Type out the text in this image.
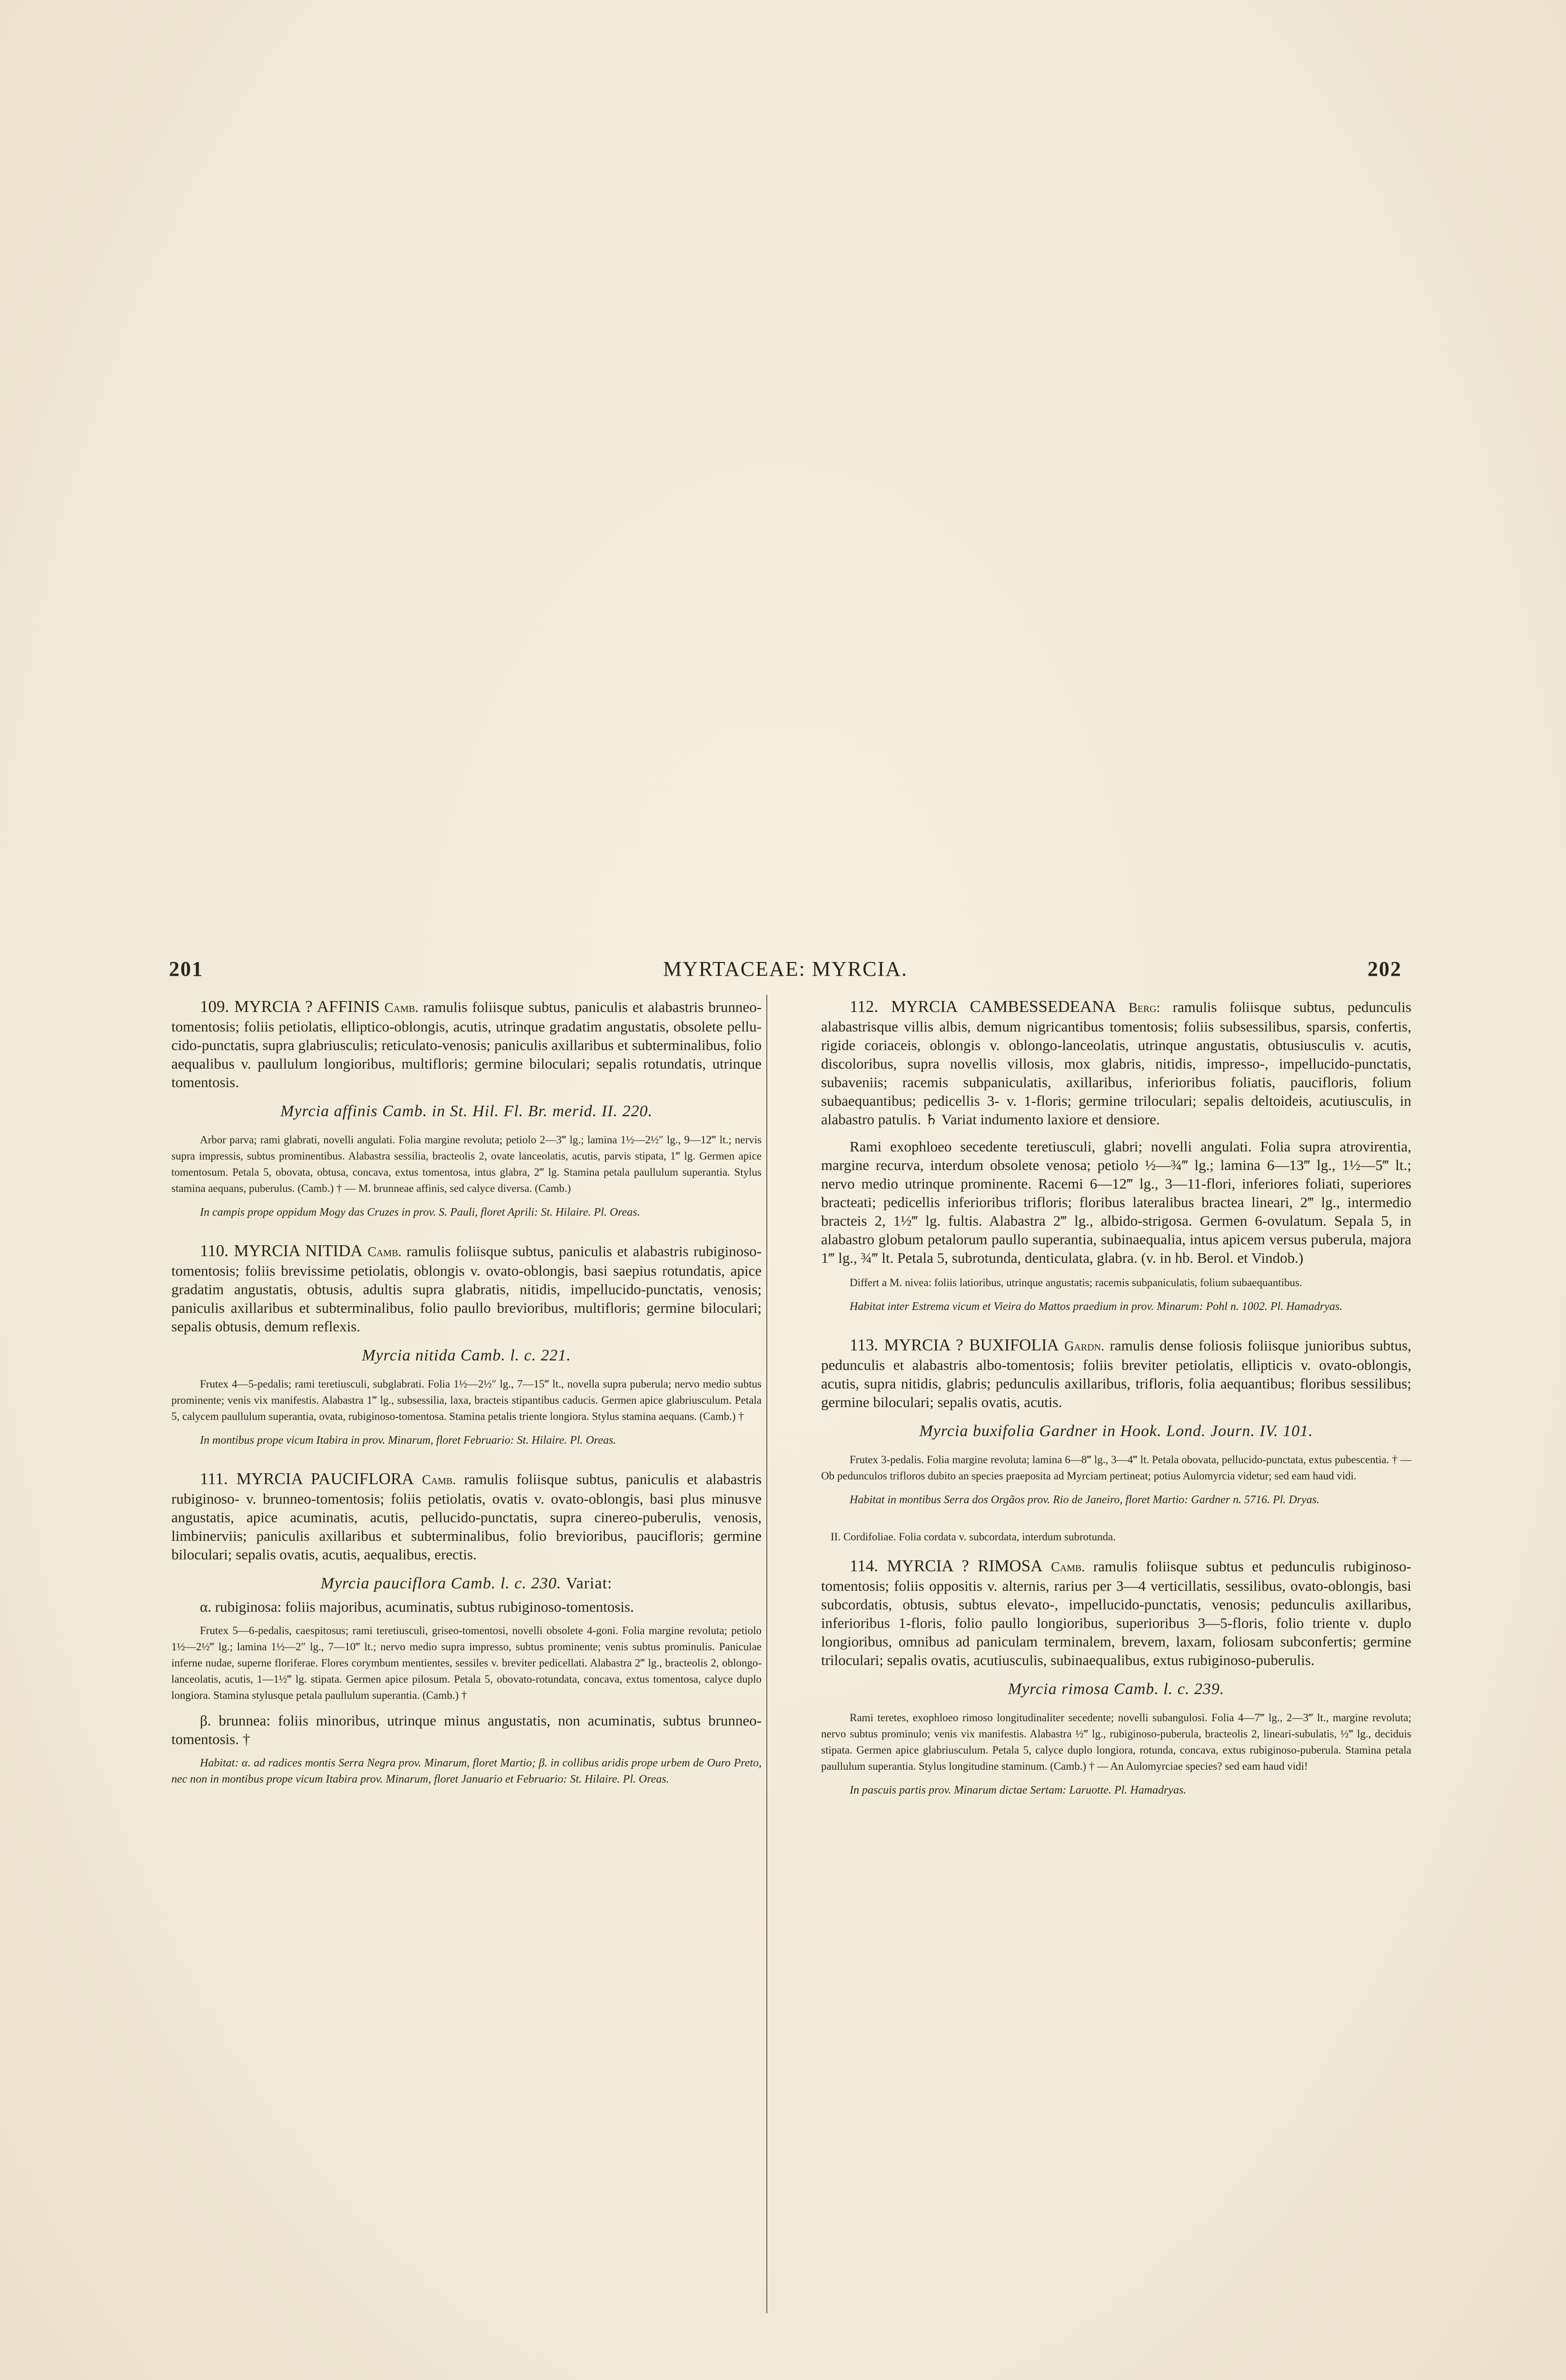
201	MYRTACEAE: MYRCIA.	202

109. MYRCIA ? AFFINIS Camb. ramulis foliisque subtus, paniculis et alabastris brunneo-tomentosis; foliis petiolatis, elliptico-oblongis, acutis, utrinque gradatim angustatis, obsolete pellucido-punctatis, supra glabriusculis; reticulato-venosis; paniculis axillaribus et subterminalibus, folio aequalibus v. paullulum longioribus, multifloris; germine biloculari; sepalis rotundatis, utrinque tomentosis.

Myrcia affinis Camb. in St. Hil. Fl. Br. merid. II. 220.

Arbor parva; rami glabrati, novelli angulati. Folia margine revoluta; petiolo 2—3‴ lg.; lamina 1½—2½″ lg., 9—12‴ lt.; nervis supra impressis, subtus prominentibus. Alabastra sessilia, bracteolis 2, ovate lanceolatis, acutis, parvis stipata, 1‴ lg. Germen apice tomentosum. Petala 5, obovata, obtusa, concava, extus tomentosa, intus glabra, 2‴ lg. Stamina petala paullulum superantia. Stylus stamina aequans, puberulus. (Camb.) † — M. brunneae affinis, sed calyce diversa. (Camb.)

In campis prope oppidum Mogy das Cruzes in prov. S. Pauli, floret Aprili: St. Hilaire. Pl. Oreas.

110. MYRCIA NITIDA Camb. ramulis foliisque subtus, paniculis et alabastris rubiginoso-tomentosis; foliis brevissime petiolatis, oblongis v. ovato-oblongis, basi saepius rotundatis, apice gradatim angustatis, obtusis, adultis supra glabratis, nitidis, impellucido-punctatis, venosis; paniculis axillaribus et subterminalibus, folio paullo brevioribus, multifloris; germine biloculari; sepalis obtusis, demum reflexis.

Myrcia nitida Camb. l. c. 221.

Frutex 4—5-pedalis; rami teretiusculi, subglabrati. Folia 1½—2½″ lg., 7—15‴ lt., novella supra puberula; nervo medio subtus prominente; venis vix manifestis. Alabastra 1‴ lg., subsessilia, laxa, bracteis stipantibus caducis. Germen apice glabriusculum. Petala 5, calycem paullulum superantia, ovata, rubiginoso-tomentosa. Stamina petalis triente longiora. Stylus stamina aequans. (Camb.) †

In montibus prope vicum Itabira in prov. Minarum, floret Februario: St. Hilaire. Pl. Oreas.

111. MYRCIA PAUCIFLORA Camb. ramulis foliisque subtus, paniculis et alabastris rubiginoso- v. brunneo-tomentosis; foliis petiolatis, ovatis v. ovato-oblongis, basi plus minusve angustatis, apice acuminatis, acutis, pellucido-punctatis, supra cinereo-puberulis, venosis, limbinerviis; paniculis axillaribus et subterminalibus, folio brevioribus, paucifloris; germine biloculari; sepalis ovatis, acutis, aequalibus, erectis.

Myrcia pauciflora Camb. l. c. 230. Variat:

α. rubiginosa: foliis majoribus, acuminatis, subtus rubiginoso-tomentosis.

Frutex 5—6-pedalis, caespitosus; rami teretiusculi, griseo-tomentosi, novelli obsolete 4-goni. Folia margine revoluta; petiolo 1½—2½‴ lg.; lamina 1½—2″ lg., 7—10‴ lt.; nervo medio supra impresso, subtus prominente; venis subtus prominulis. Paniculae inferne nudae, superne floriferae. Flores corymbum mentientes, sessiles v. breviter pedicellati. Alabastra 2‴ lg., bracteolis 2, oblongo-lanceolatis, acutis, 1—1½‴ lg. stipata. Germen apice pilosum. Petala 5, obovato-rotundata, concava, extus tomentosa, calyce duplo longiora. Stamina stylusque petala paullulum superantia. (Camb.) †

β. brunnea: foliis minoribus, utrinque minus angustatis, non acuminatis, subtus brunneo-tomentosis. †

Habitat: α. ad radices montis Serra Negra prov. Minarum, floret Martio; β. in collibus aridis prope urbem de Ouro Preto, nec non in montibus prope vicum Itabira prov. Minarum, floret Januario et Februario: St. Hilaire. Pl. Oreas.

112. MYRCIA CAMBESSEDEANA Berg: ramulis foliisque subtus, pedunculis alabastrisque villis albis, demum nigricantibus tomentosis; foliis subsessilibus, sparsis, confertis, rigide coriaceis, oblongis v. oblongo-lanceolatis, utrinque angustatis, obtusiusculis v. acutis, discoloribus, supra novellis villosis, mox glabris, nitidis, impresso-, impellucido-punctatis, subaveniis; racemis subpaniculatis, axillaribus, inferioribus foliatis, paucifloris, folium subaequantibus; pedicellis 3- v. 1-floris; germine triloculari; sepalis deltoideis, acutiusculis, in alabastro patulis. ♄ Variat indumento laxiore et densiore.

Rami exophloeo secedente teretiusculi, glabri; novelli angulati. Folia supra atrovirentia, margine recurva, interdum obsolete venosa; petiolo ½—¾‴ lg.; lamina 6—13‴ lg., 1½—5‴ lt.; nervo medio utrinque prominente. Racemi 6—12‴ lg., 3—11-flori, inferiores foliati, superiores bracteati; pedicellis inferioribus trifloris; floribus lateralibus bractea lineari, 2‴ lg., intermedio bracteis 2, 1½‴ lg. fultis. Alabastra 2‴ lg., albido-strigosa. Germen 6-ovulatum. Sepala 5, in alabastro globum petalorum paullo superantia, subinaequalia, intus apicem versus puberula, majora 1‴ lg., ¾‴ lt. Petala 5, subrotunda, denticulata, glabra. (v. in hb. Berol. et Vindob.)

Differt a M. nivea: foliis latioribus, utrinque angustatis; racemis subpaniculatis, folium subaequantibus.

Habitat inter Estrema vicum et Vieira do Mattos praedium in prov. Minarum: Pohl n. 1002. Pl. Hamadryas.

113. MYRCIA ? BUXIFOLIA Gardn. ramulis dense foliosis foliisque junioribus subtus, pedunculis et alabastris albo-tomentosis; foliis breviter petiolatis, ellipticis v. ovato-oblongis, acutis, supra nitidis, glabris; pedunculis axillaribus, trifloris, folia aequantibus; floribus sessilibus; germine biloculari; sepalis ovatis, acutis.

Myrcia buxifolia Gardner in Hook. Lond. Journ. IV. 101.

Frutex 3-pedalis. Folia margine revoluta; lamina 6—8‴ lg., 3—4‴ lt. Petala obovata, pellucido-punctata, extus pubescentia. † — Ob pedunculos trifloros dubito an species praeposita ad Myrciam pertineat; potius Aulomyrcia videtur; sed eam haud vidi.

Habitat in montibus Serra dos Orgãos prov. Rio de Janeiro, floret Martio: Gardner n. 5716. Pl. Dryas.

II. Cordifoliae. Folia cordata v. subcordata, interdum subrotunda.

114. MYRCIA ? RIMOSA Camb. ramulis foliisque subtus et pedunculis rubiginoso-tomentosis; foliis oppositis v. alternis, rarius per 3—4 verticillatis, sessilibus, ovato-oblongis, basi subcordatis, obtusis, subtus elevato-, impellucido-punctatis, venosis; pedunculis axillaribus, inferioribus 1-floris, folio paullo longioribus, superioribus 3—5-floris, folio triente v. duplo longioribus, omnibus ad paniculam terminalem, brevem, laxam, foliosam subconfertis; germine triloculari; sepalis ovatis, acutiusculis, subinaequalibus, extus rubiginoso-puberulis.

Myrcia rimosa Camb. l. c. 239.

Rami teretes, exophloeo rimoso longitudinaliter secedente; novelli subangulosi. Folia 4—7‴ lg., 2—3‴ lt., margine revoluta; nervo subtus prominulo; venis vix manifestis. Alabastra ½‴ lg., rubiginoso-puberula, bracteolis 2, lineari-subulatis, ½‴ lg., deciduis stipata. Germen apice glabriusculum. Petala 5, calyce duplo longiora, rotunda, concava, extus rubiginoso-puberula. Stamina petala paullulum superantia. Stylus longitudine staminum. (Camb.) † — An Aulomyrciae species? sed eam haud vidi!

In pascuis partis prov. Minarum dictae Sertam: Laruotte. Pl. Hamadryas.
